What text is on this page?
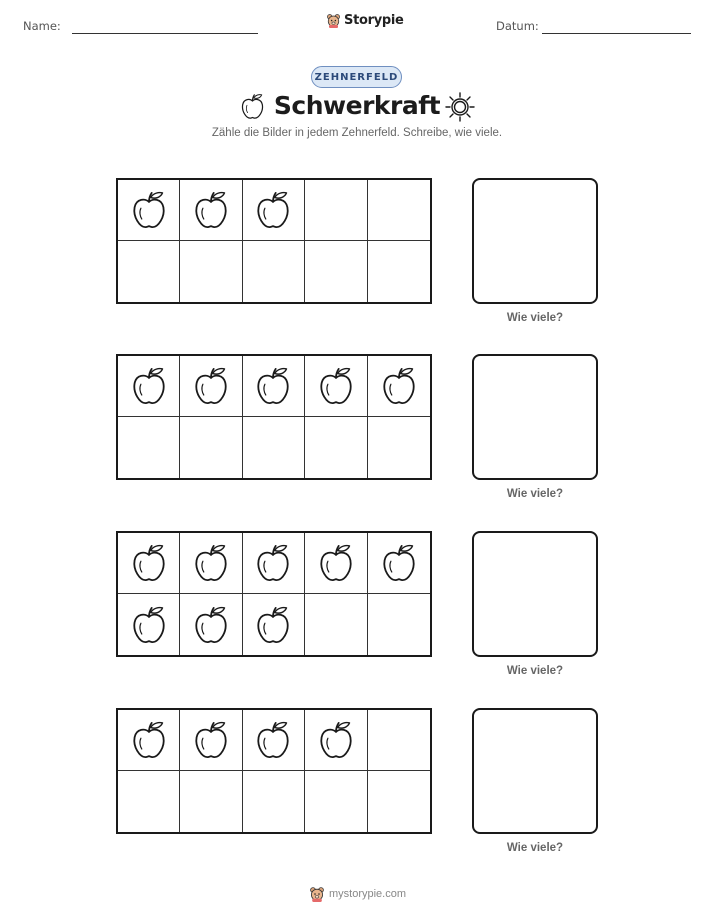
Name:	Storypie	Datum:
ZEHNERFELD
Schwerkraft
Zähle die Bilder in jedem Zehnerfeld. Schreibe, wie viele.
Wie viele?
Wie viele?
Wie viele?
Wie viele?
mystorypie.com
